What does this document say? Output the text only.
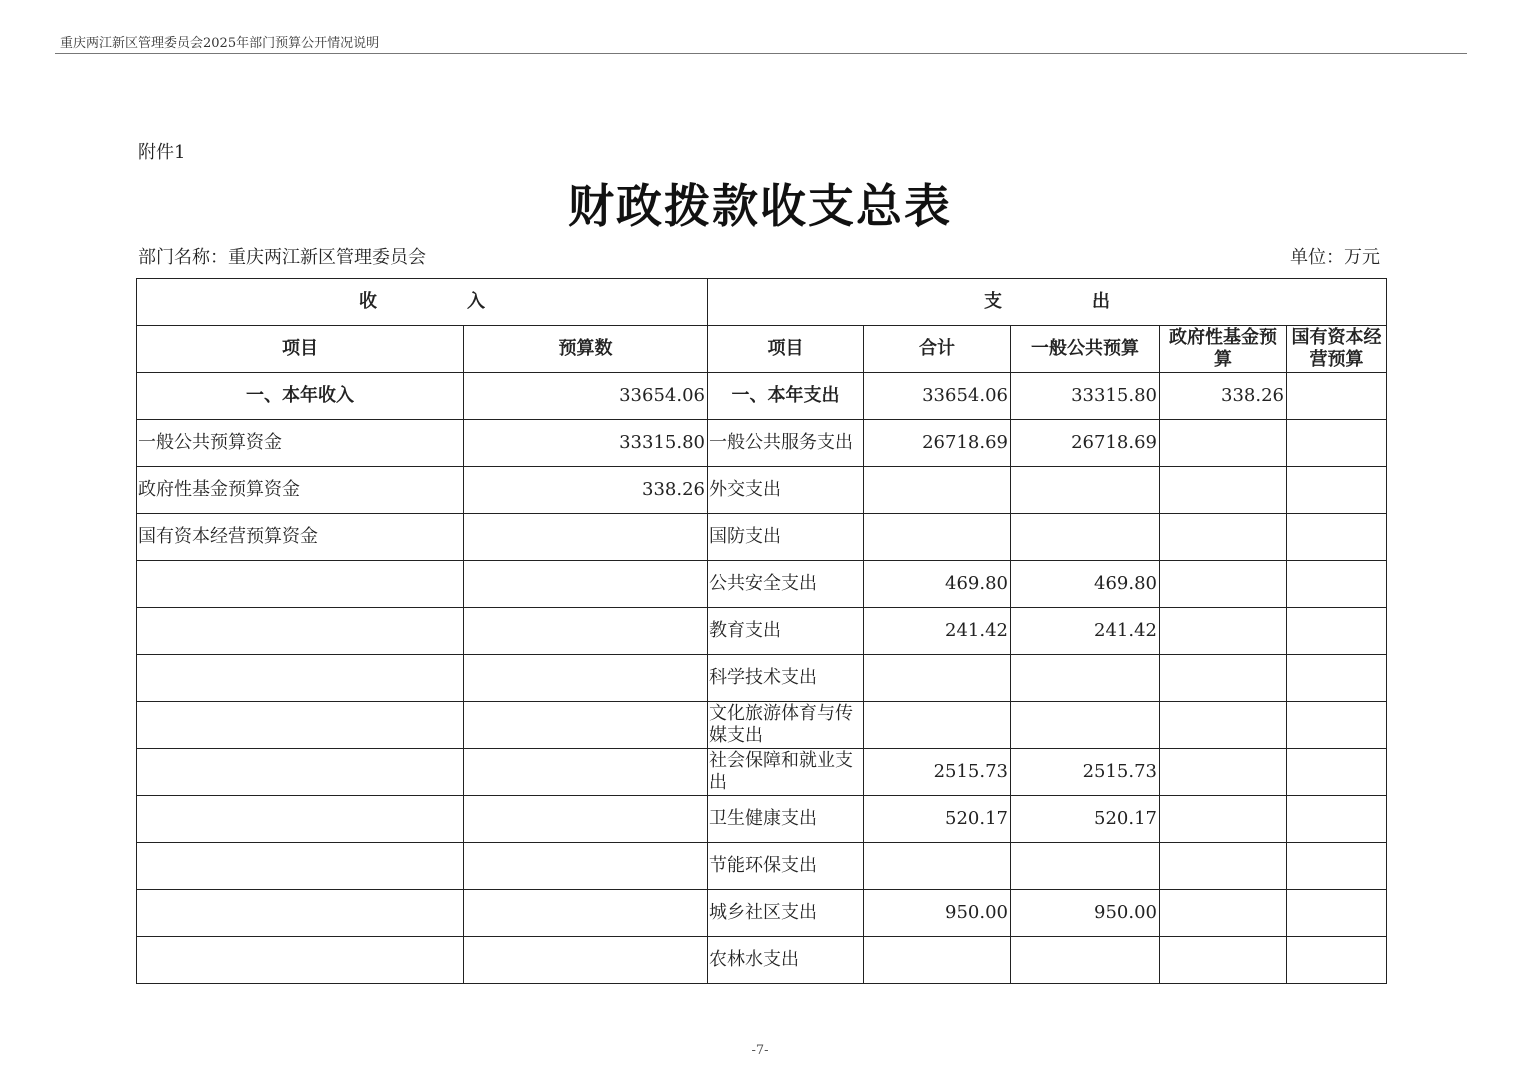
重庆两江新区管理委员会2025年部门预算公开情况说明
附件1
财政拨款收支总表
部门名称：重庆两江新区管理委员会	单位：万元
收　　　　　入		支　　　　　出				
项目	预算数	项目	合计	一般公共预算	政府性基金预算	国有资本经营预算
一、本年收入	33654.06	一、本年支出	33654.06	33315.80	338.26	
一般公共预算资金	33315.80	一般公共服务支出	26718.69	26718.69		
政府性基金预算资金	338.26	外交支出				
国有资本经营预算资金		国防支出				
		公共安全支出	469.80	469.80		
		教育支出	241.42	241.42		
		科学技术支出				
		文化旅游体育与传媒支出				
		社会保障和就业支出	2515.73	2515.73		
		卫生健康支出	520.17	520.17		
		节能环保支出				
		城乡社区支出	950.00	950.00		
		农林水支出				
-7-
